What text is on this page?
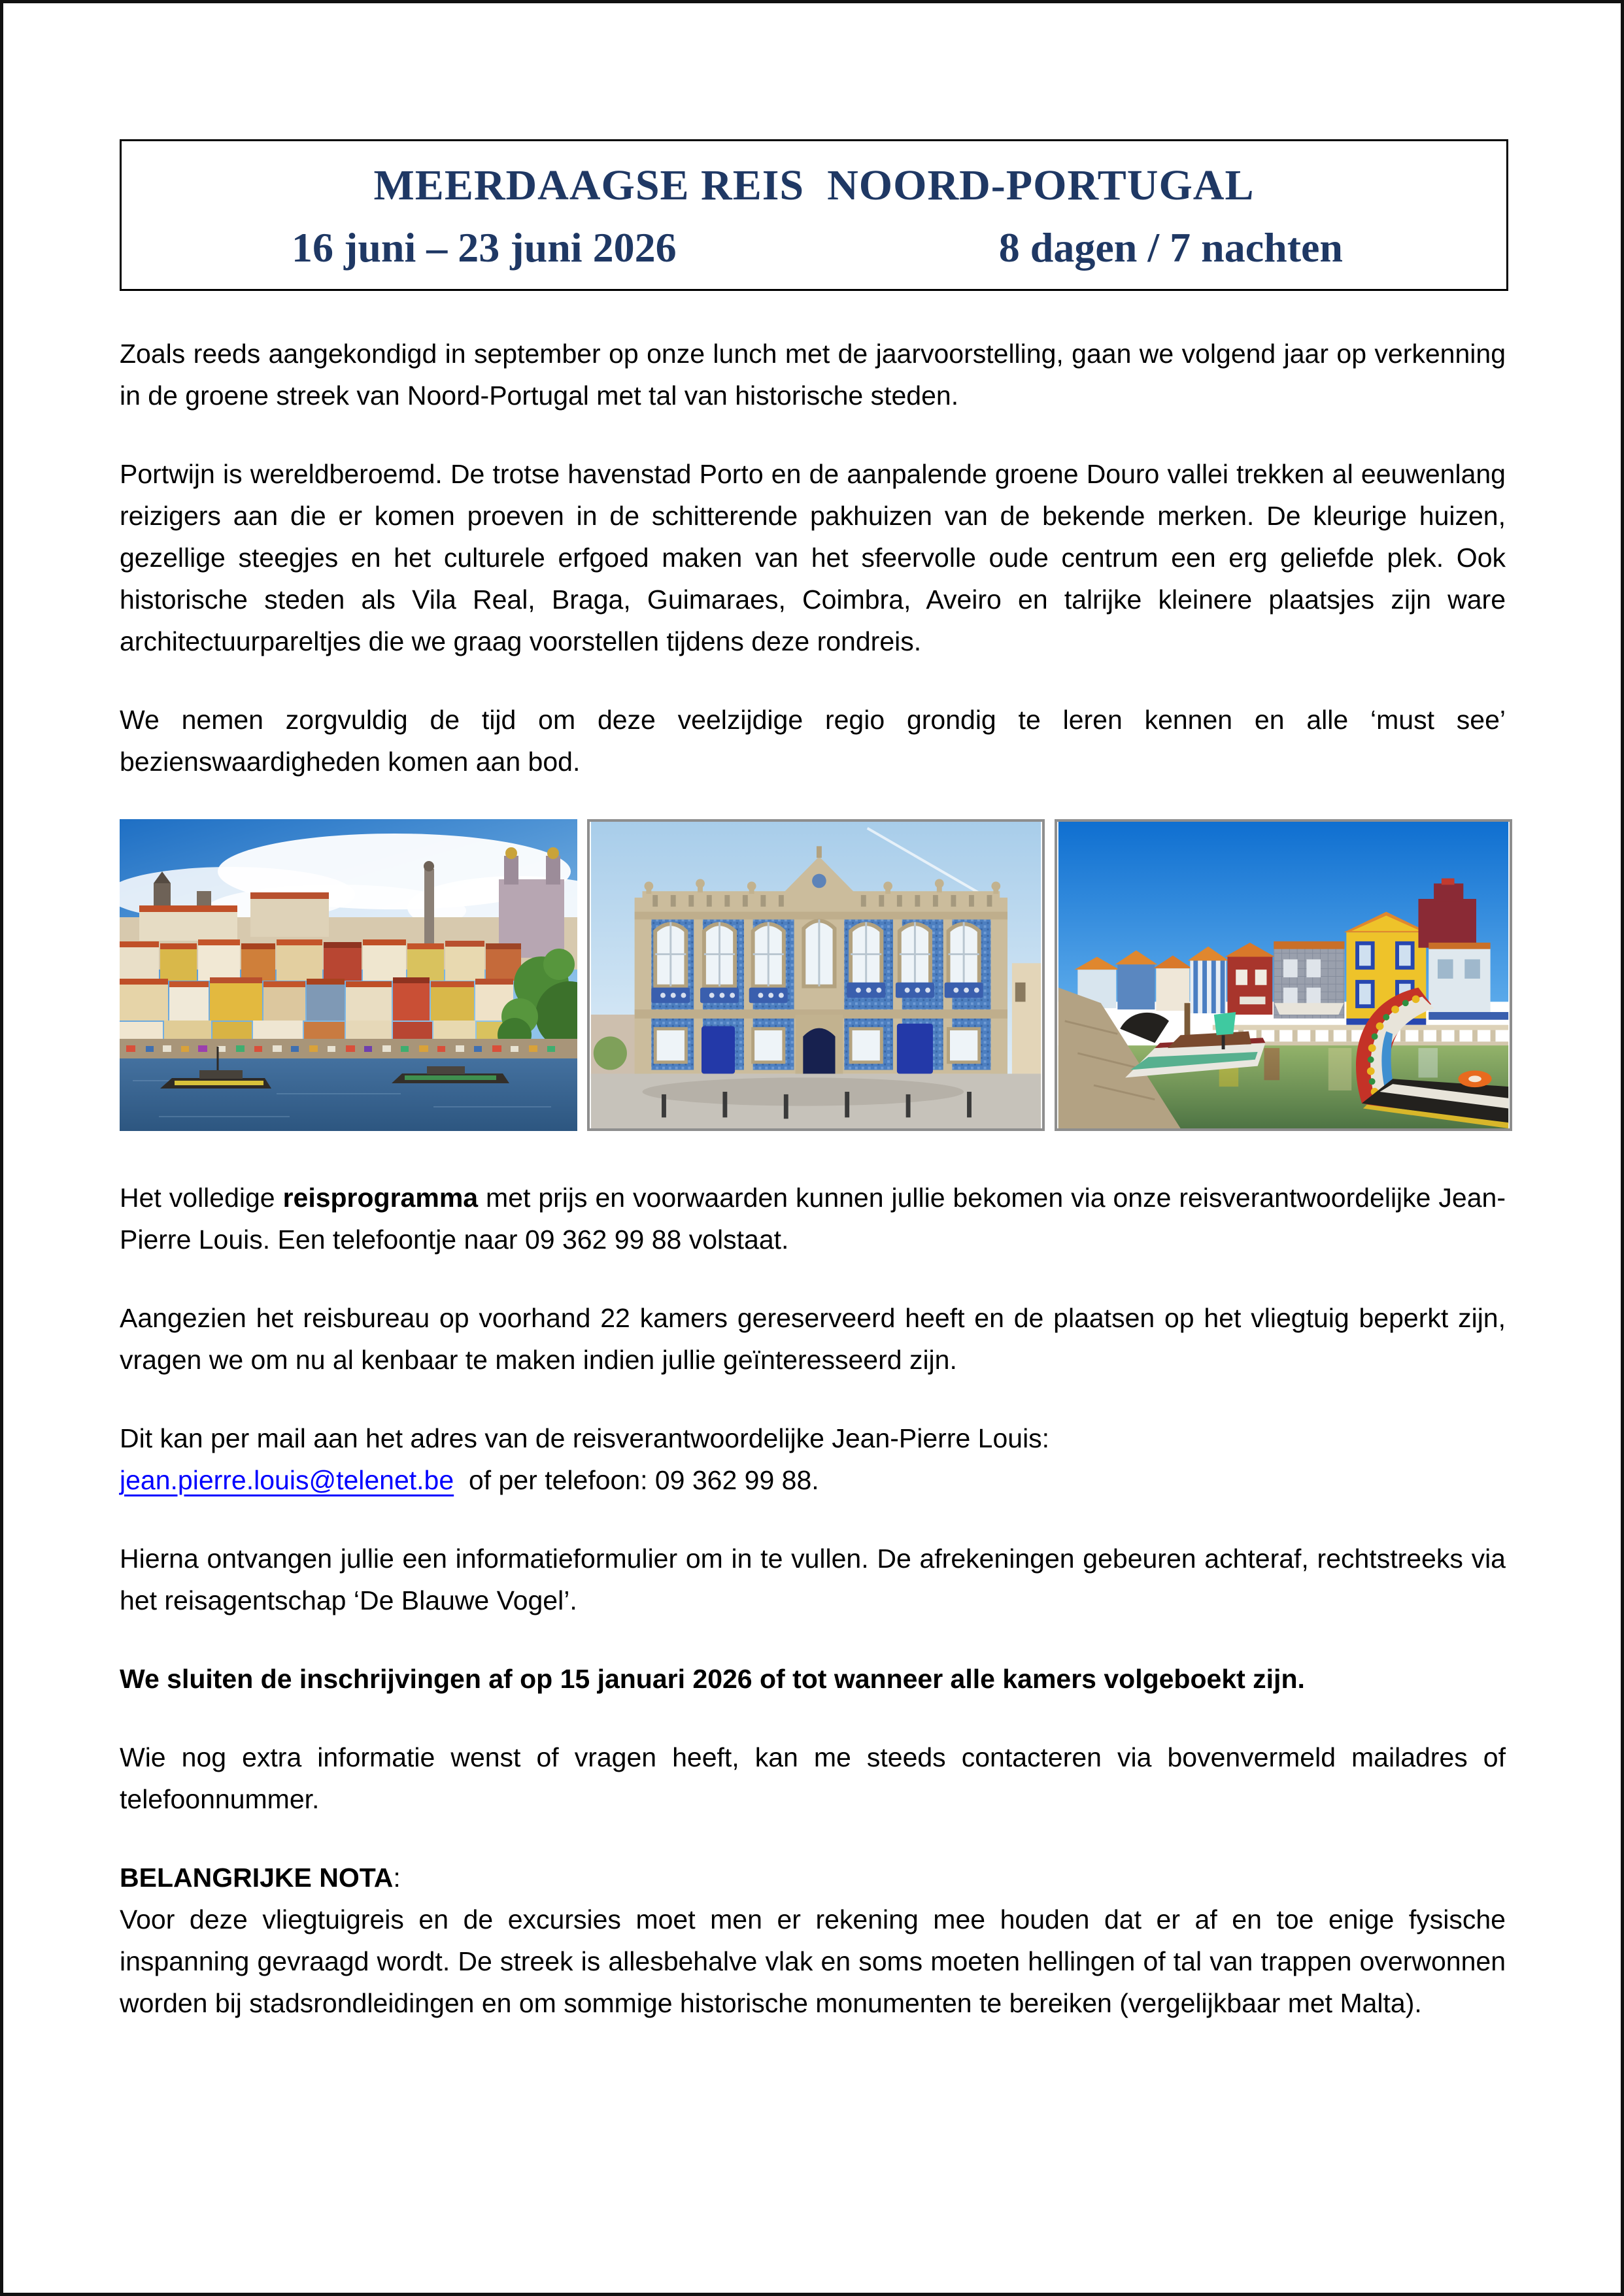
MEERDAAGSE REIS  NOORD-PORTUGAL
16 juni – 23 juni 2026	8 dagen / 7 nachten

Zoals reeds aangekondigd in september op onze lunch met de jaarvoorstelling, gaan we volgend jaar op verkenning in de groene streek van Noord-Portugal met tal van historische steden.

Portwijn is wereldberoemd. De trotse havenstad Porto en de aanpalende groene Douro vallei trekken al eeuwenlang reizigers aan die er komen proeven in de schitterende pakhuizen van de bekende merken. De kleurige huizen, gezellige steegjes en het culturele erfgoed maken van het sfeervolle oude centrum een erg geliefde plek. Ook historische steden als Vila Real, Braga, Guimaraes, Coimbra, Aveiro en talrijke kleinere plaatsjes zijn ware architectuurpareltjes die we graag voorstellen tijdens deze rondreis.

We nemen zorgvuldig de tijd om deze veelzijdige regio grondig te leren kennen en alle ‘must see’ bezienswaardigheden komen aan bod.

Het volledige reisprogramma met prijs en voorwaarden kunnen jullie bekomen via onze reisverantwoordelijke Jean-Pierre Louis. Een telefoontje naar 09 362 99 88 volstaat.

Aangezien het reisbureau op voorhand 22 kamers gereserveerd heeft en de plaatsen op het vliegtuig beperkt zijn, vragen we om nu al kenbaar te maken indien jullie geïnteresseerd zijn.

Dit kan per mail aan het adres van de reisverantwoordelijke Jean-Pierre Louis:
jean.pierre.louis@telenet.be  of per telefoon: 09 362 99 88.

Hierna ontvangen jullie een informatieformulier om in te vullen. De afrekeningen gebeuren achteraf, rechtstreeks via het reisagentschap ‘De Blauwe Vogel’.

We sluiten de inschrijvingen af op 15 januari 2026 of tot wanneer alle kamers volgeboekt zijn.

Wie nog extra informatie wenst of vragen heeft, kan me steeds contacteren via bovenvermeld mailadres of telefoonnummer.

BELANGRIJKE NOTA:
Voor deze vliegtuigreis en de excursies moet men er rekening mee houden dat er af en toe enige fysische inspanning gevraagd wordt. De streek is allesbehalve vlak en soms moeten hellingen of tal van trappen overwonnen worden bij stadsrondleidingen en om sommige historische monumenten te bereiken (vergelijkbaar met Malta).
